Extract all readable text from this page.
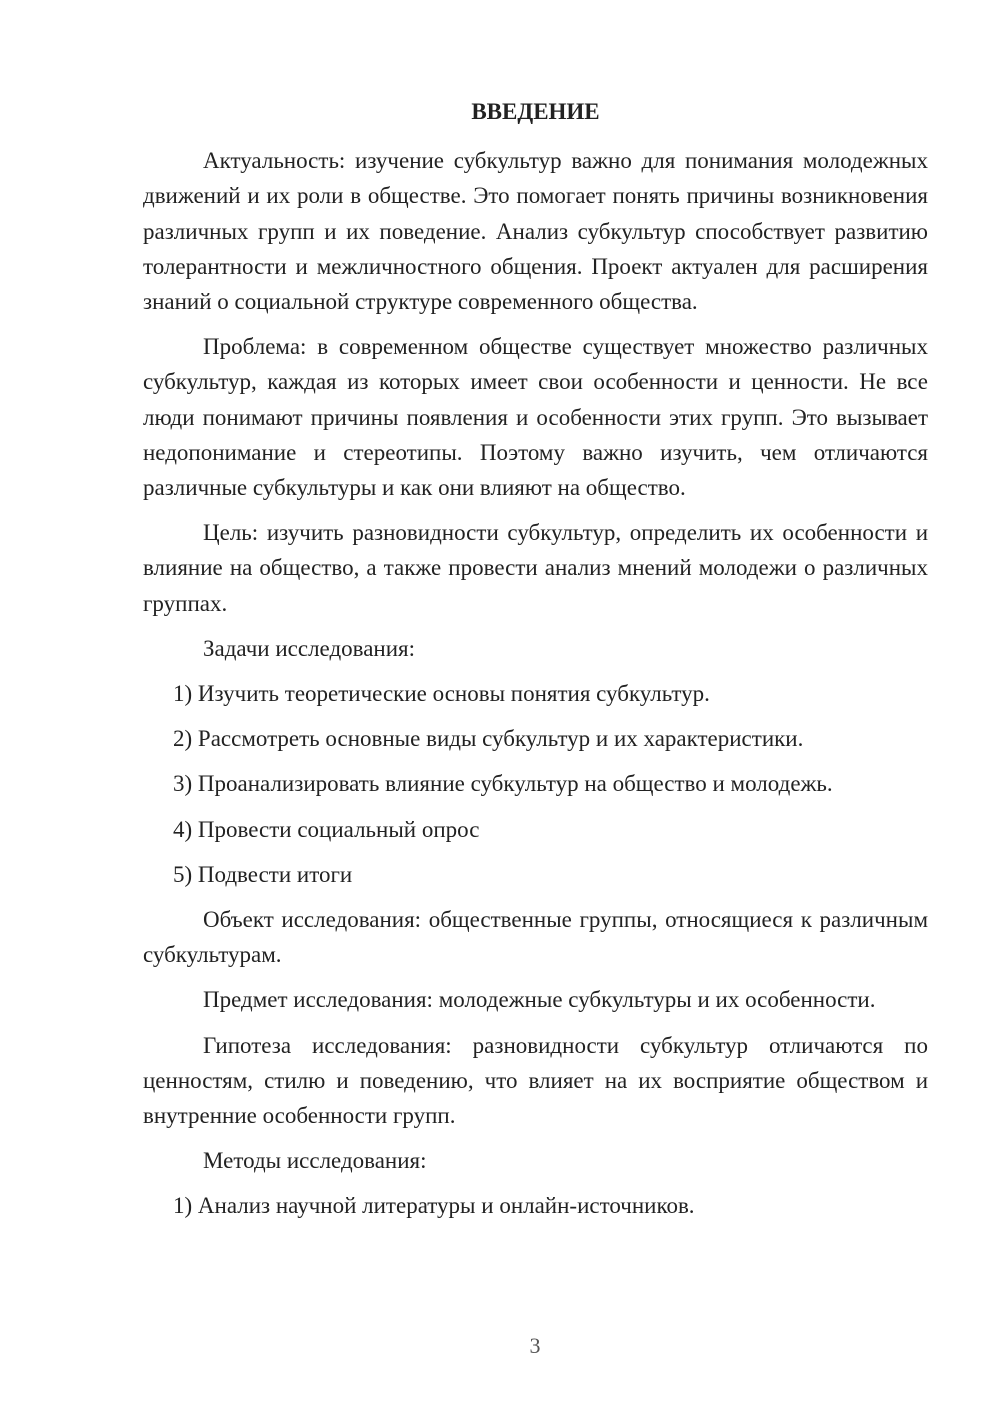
ВВЕДЕНИЕ

Актуальность: изучение субкультур важно для понимания молодежных движений и их роли в обществе. Это помогает понять причины возникновения различных групп и их поведение. Анализ субкультур способствует развитию толерантности и межличностного общения. Проект актуален для расширения знаний о социальной структуре современного общества.

Проблема: в современном обществе существует множество различных субкультур, каждая из которых имеет свои особенности и ценности. Не все люди понимают причины появления и особенности этих групп. Это вызывает недопонимание и стереотипы. Поэтому важно изучить, чем отличаются различные субкультуры и как они влияют на общество.

Цель: изучить разновидности субкультур, определить их особенности и влияние на общество, а также провести анализ мнений молодежи о различных группах.

Задачи исследования:

1) Изучить теоретические основы понятия субкультур.

2) Рассмотреть основные виды субкультур и их характеристики.

3) Проанализировать влияние субкультур на общество и молодежь.

4) Провести социальный опрос

5) Подвести итоги

Объект исследования: общественные группы, относящиеся к различным субкультурам.

Предмет исследования: молодежные субкультуры и их особенности.

Гипотеза исследования: разновидности субкультур отличаются по ценностям, стилю и поведению, что влияет на их восприятие обществом и внутренние особенности групп.

Методы исследования:

1) Анализ научной литературы и онлайн-источников.

3
